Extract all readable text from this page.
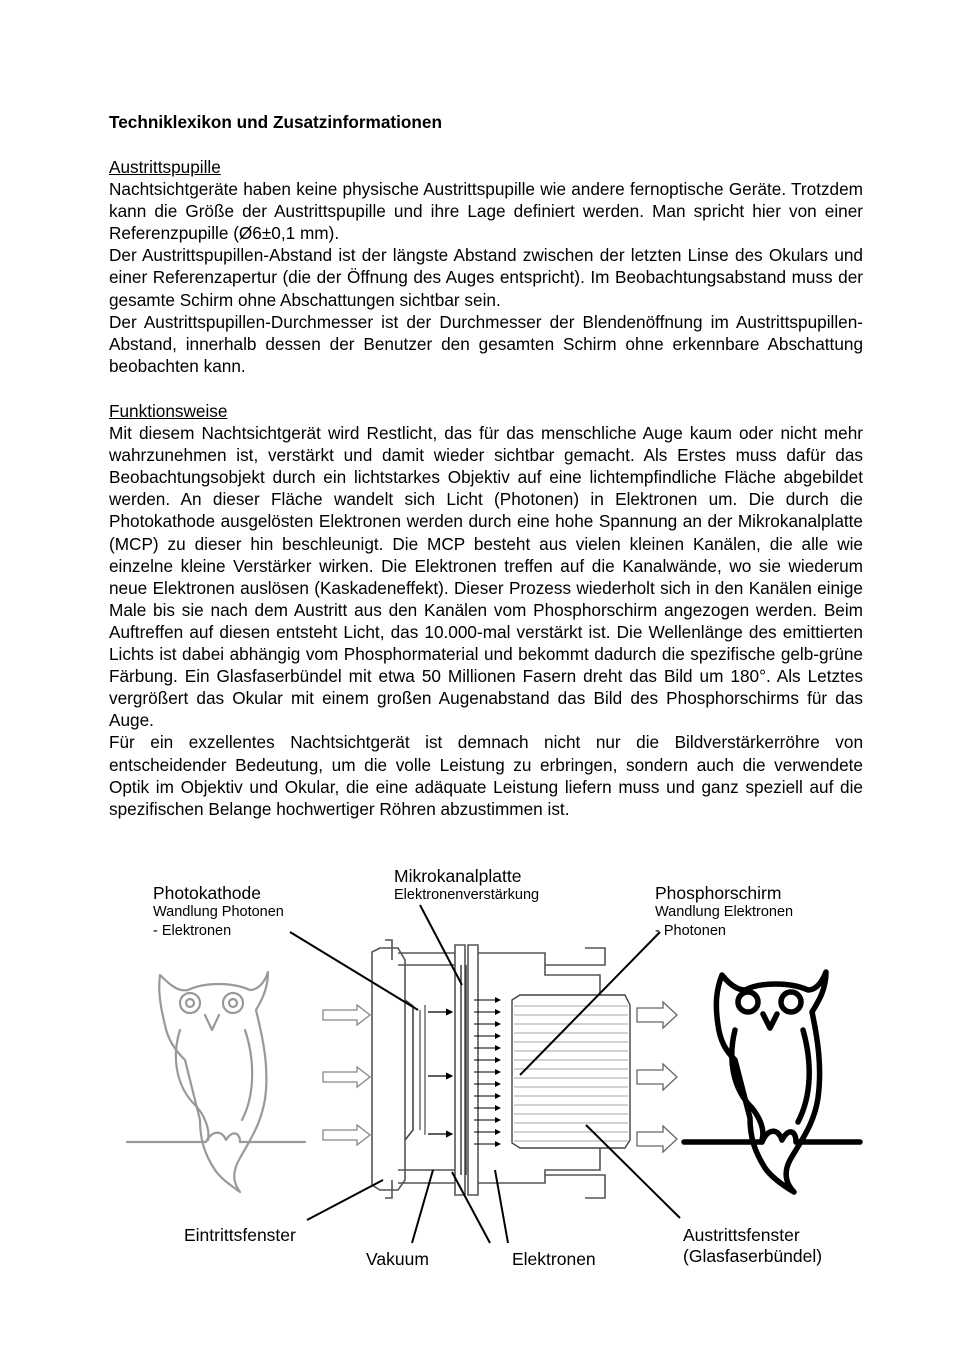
Techniklexikon und Zusatzinformationen
Austrittspupille

Nachtsichtgeräte haben keine physische Austrittspupille wie andere fernoptische Geräte. Trotzdem kann die Größe der Austrittspupille und ihre Lage definiert werden. Man spricht hier von einer Referenzpupille (Ø6±0,1 mm).

Der Austrittspupillen-Abstand ist der längste Abstand zwischen der letzten Linse des Okulars und einer Referenzapertur (die der Öffnung des Auges entspricht). Im Beobachtungsabstand muss der gesamte Schirm ohne Abschattungen sichtbar sein.

Der Austrittspupillen-Durchmesser ist der Durchmesser der Blendenöffnung im Austrittspupillen- Abstand, innerhalb dessen der Benutzer den gesamten Schirm ohne erkennbare Abschattung beobachten kann.

Funktionsweise

Mit diesem Nachtsichtgerät wird Restlicht, das für das menschliche Auge kaum oder nicht mehr wahrzunehmen ist, verstärkt und damit wieder sichtbar gemacht. Als Erstes muss dafür das Beobachtungsobjekt durch ein lichtstarkes Objektiv auf eine lichtempfindliche Fläche abgebildet werden. An dieser Fläche wandelt sich Licht (Photonen) in Elektronen um. Die durch die Photokathode ausgelösten Elektronen werden durch eine hohe Spannung an der Mikrokanalplatte (MCP) zu dieser hin beschleunigt. Die MCP besteht aus vielen kleinen Kanälen, die alle wie einzelne kleine Verstärker wirken. Die Elektronen treffen auf die Kanalwände, wo sie wiederum neue Elektronen auslösen (Kaskadeneffekt). Dieser Prozess wiederholt sich in den Kanälen einige Male bis sie nach dem Austritt aus den Kanälen vom Phosphorschirm angezogen werden. Beim Auftreffen auf diesen entsteht Licht, das 10.000-mal verstärkt ist. Die Wellenlänge des emittierten Lichts ist dabei abhängig vom Phosphormaterial und bekommt dadurch die spezifische gelb-grüne Färbung. Ein Glasfaserbündel mit etwa 50 Millionen Fasern dreht das Bild um 180°. Als Letztes vergrößert das Okular mit einem großen Augenabstand das Bild des Phosphorschirms für das Auge.

Für ein exzellentes Nachtsichtgerät ist demnach nicht nur die Bildverstärkerröhre von entscheidender Bedeutung, um die volle Leistung zu erbringen, sondern auch die verwendete Optik im Objektiv und Okular, die eine adäquate Leistung liefern muss und ganz speziell auf die spezifischen Belange hochwertiger Röhren abzustimmen ist.

Mikrokanalplatte
Elektronenverstärkung
Photokathode
Wandlung Photonen
- Elektronen
Phosphorschirm
Wandlung Elektronen
- Photonen
Eintrittsfenster
Vakuum	Elektronen
Austrittsfenster
(Glasfaserbündel)
